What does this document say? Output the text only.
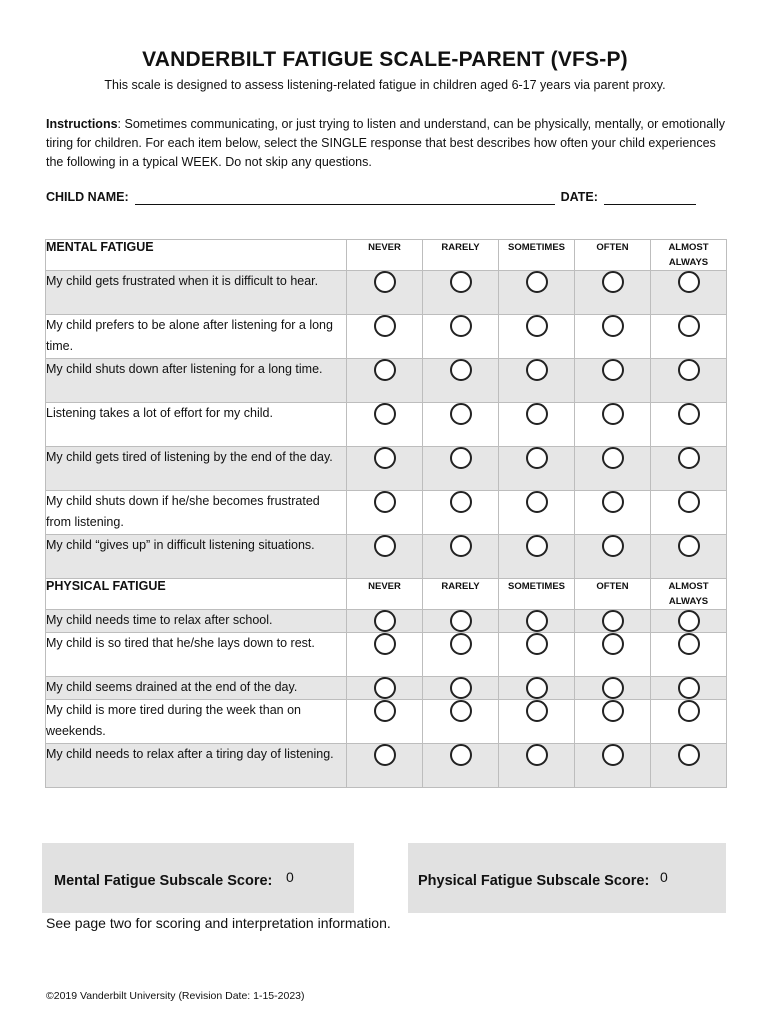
VANDERBILT FATIGUE SCALE-PARENT (VFS-P)
This scale is designed to assess listening-related fatigue in children aged 6-17 years via parent proxy.
Instructions: Sometimes communicating, or just trying to listen and understand, can be physically, mentally, or emotionally tiring for children. For each item below, select the SINGLE response that best describes how often your child experiences the following in a typical WEEK. Do not skip any questions.
CHILD NAME:	DATE:
MENTAL FATIGUE	NEVER	RARELY	SOMETIMES	OFTEN	ALMOST ALWAYS
My child gets frustrated when it is difficult to hear.					
My child prefers to be alone after listening for a long time.					
My child shuts down after listening for a long time.					
Listening takes a lot of effort for my child.					
My child gets tired of listening by the end of the day.					
My child shuts down if he/she becomes frustrated from listening.					
My child “gives up” in difficult listening situations.					
PHYSICAL FATIGUE	NEVER	RARELY	SOMETIMES	OFTEN	ALMOST ALWAYS
My child needs time to relax after school.					
My child is so tired that he/she lays down to rest.					
My child seems drained at the end of the day.					
My child is more tired during the week than on weekends.					
My child needs to relax after a tiring day of listening.					
Mental Fatigue Subscale Score: 0	Physical Fatigue Subscale Score: 0
See page two for scoring and interpretation information.
©2019 Vanderbilt University (Revision Date: 1-15-2023)
